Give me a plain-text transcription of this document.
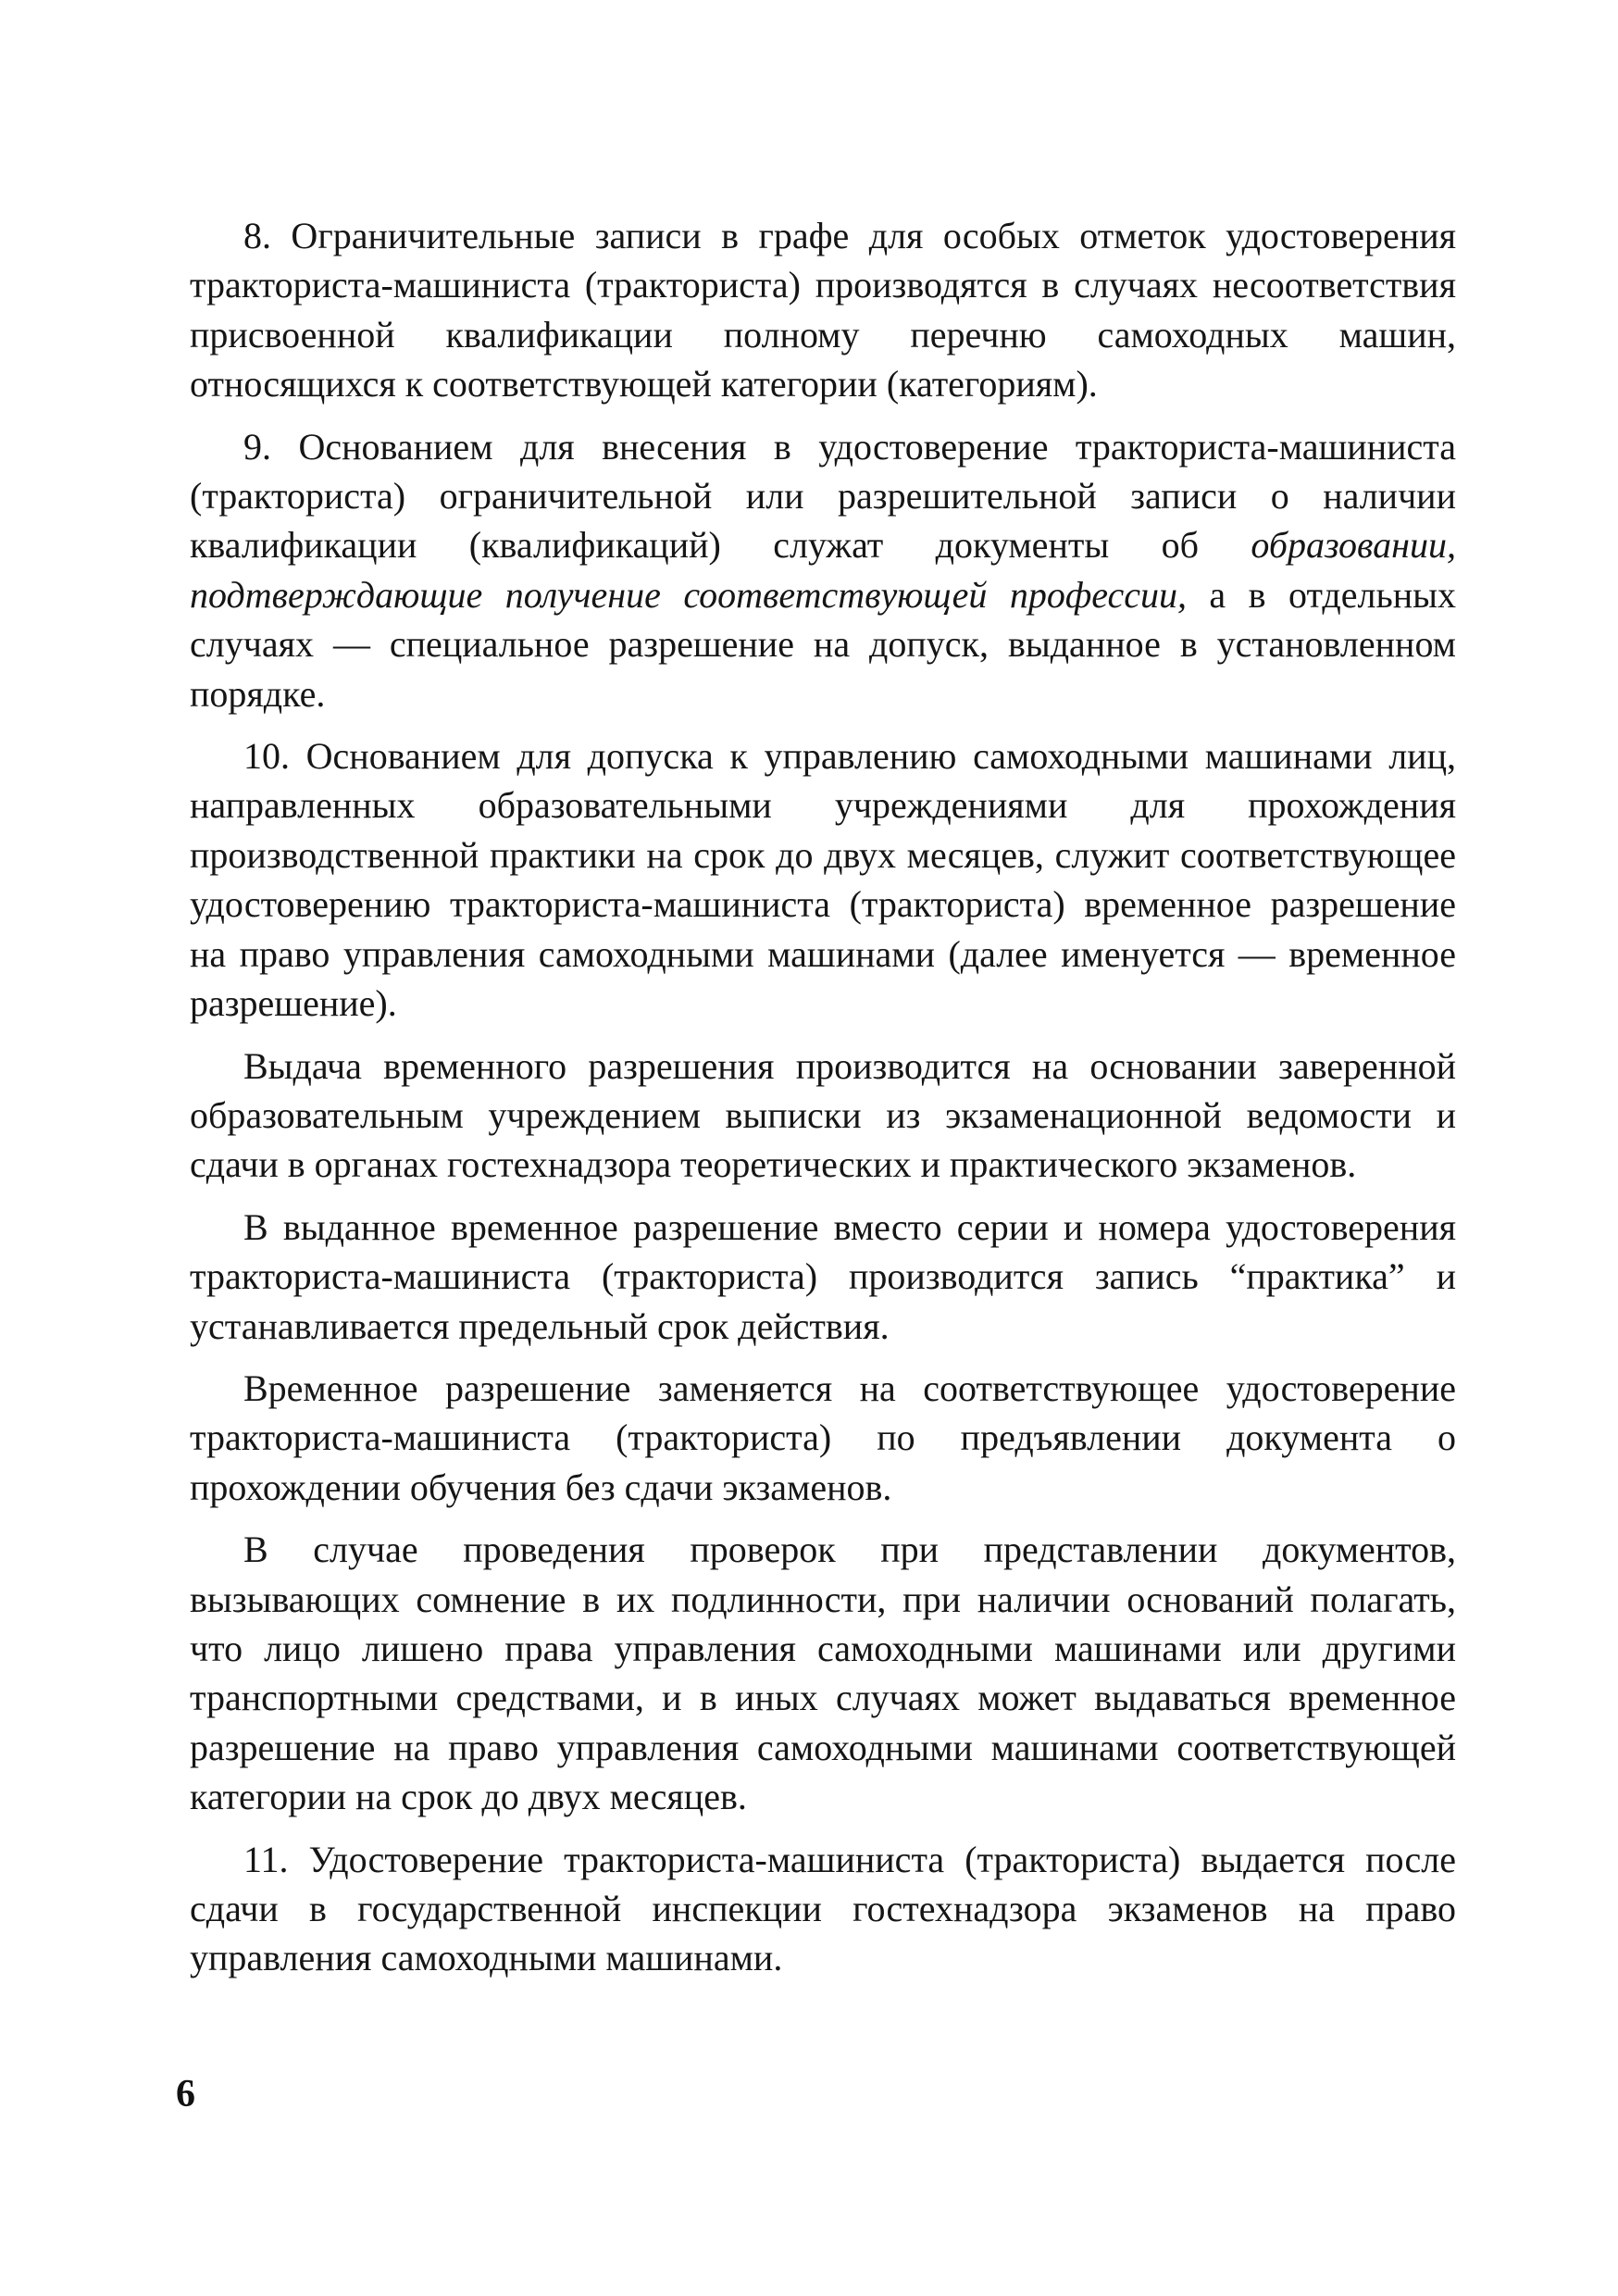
8. Ограничительные записи в графе для особых отметок удостоверения тракториста-машиниста (тракториста) производятся в случаях несоответствия присвоенной квалификации полному перечню самоходных машин, относящихся к соответствующей категории (категориям).

9. Основанием для внесения в удостоверение тракториста-машиниста (тракториста) ограничительной или разрешительной записи о наличии квалификации (квалификаций) служат документы об образовании, подтверждающие получение соответствующей профессии, а в отдельных случаях — специальное разрешение на допуск, выданное в установленном порядке.

10. Основанием для допуска к управлению самоходными машинами лиц, направленных образовательными учреждениями для прохождения производственной практики на срок до двух месяцев, служит соответствующее удостоверению тракториста-машиниста (тракториста) временное разрешение на право управления самоходными машинами (далее именуется — временное разрешение).

Выдача временного разрешения производится на основании заверенной образовательным учреждением выписки из экзаменационной ведомости и сдачи в органах гостехнадзора теоретических и практического экзаменов.

В выданное временное разрешение вместо серии и номера удостоверения тракториста-машиниста (тракториста) производится запись “практика” и устанавливается предельный срок действия.

Временное разрешение заменяется на соответствующее удостоверение тракториста-машиниста (тракториста) по предъявлении документа о прохождении обучения без сдачи экзаменов.

В случае проведения проверок при представлении документов, вызывающих сомнение в их подлинности, при наличии оснований полагать, что лицо лишено права управления самоходными машинами или другими транспортными средствами, и в иных случаях может выдаваться временное разрешение на право управления самоходными машинами соответствующей категории на срок до двух месяцев.

11. Удостоверение тракториста-машиниста (тракториста) выдается после сдачи в государственной инспекции гостехнадзора экзаменов на право управления самоходными машинами.

6
